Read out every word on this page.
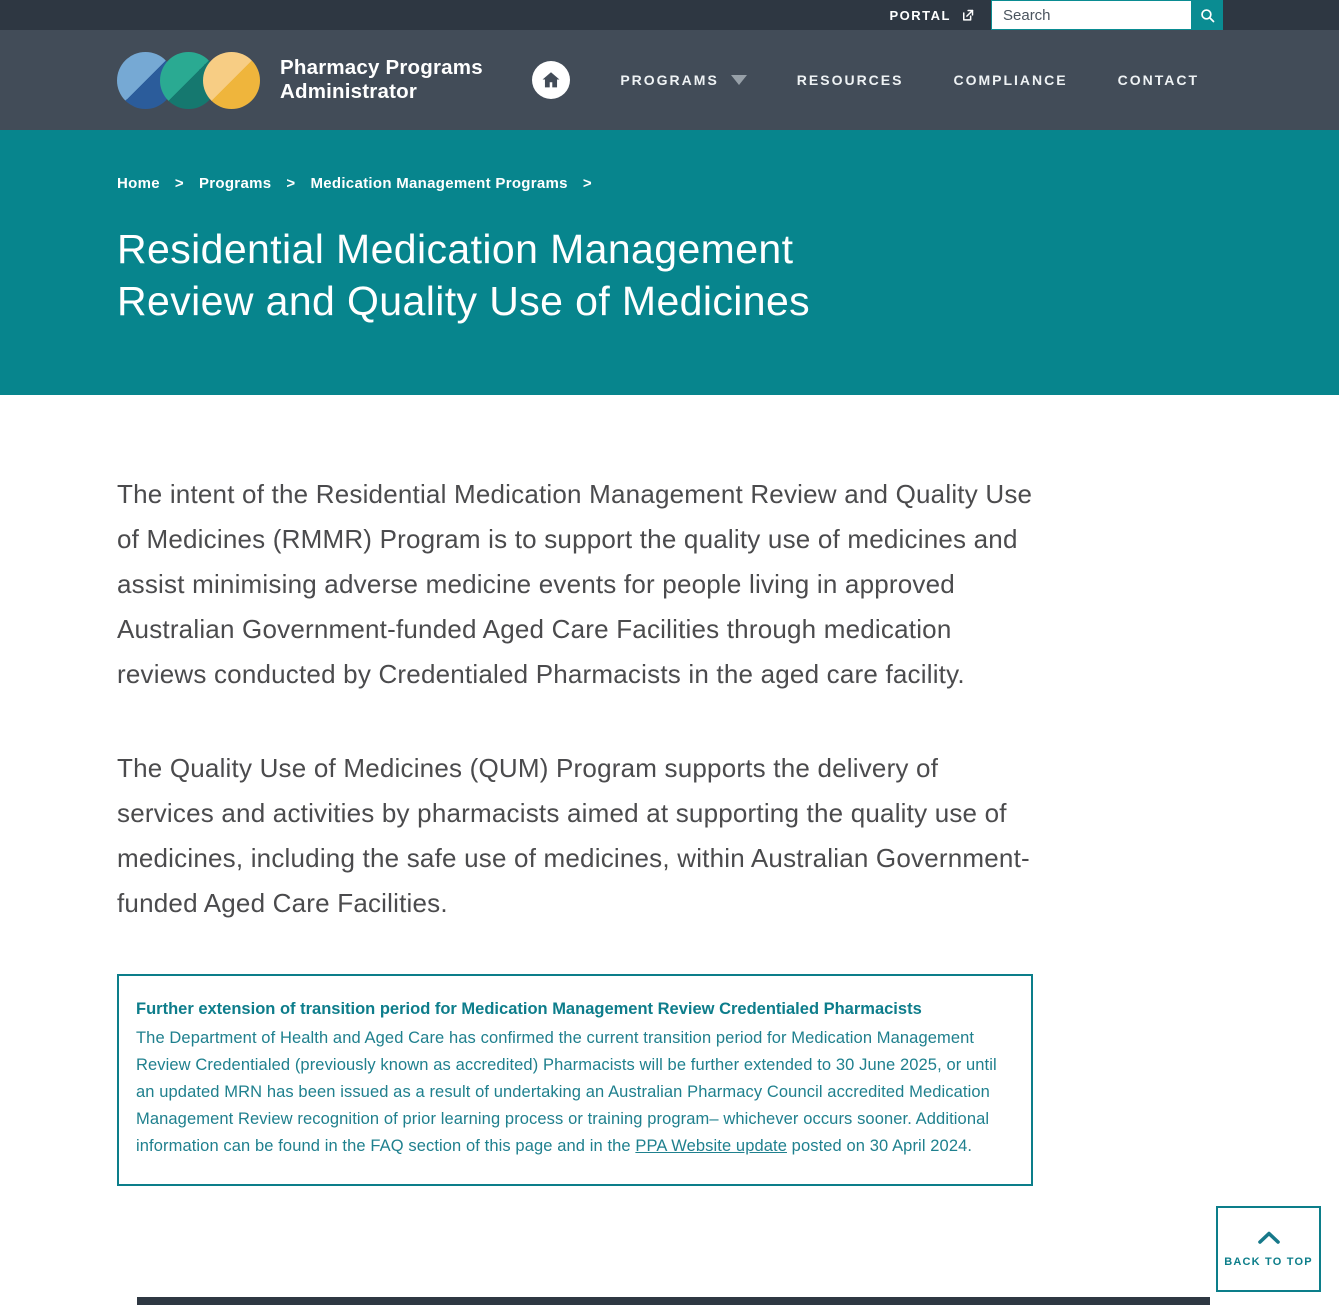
PORTAL
Search
Pharmacy Programs
Administrator	PROGRAMS	RESOURCES	COMPLIANCE	CONTACT
Home > Programs > Medication Management Programs >
Residential Medication Management
Review and Quality Use of Medicines

The intent of the Residential Medication Management Review and Quality Use of Medicines (RMMR) Program is to support the quality use of medicines and assist minimising adverse medicine events for people living in approved Australian Government-funded Aged Care Facilities through medication reviews conducted by Credentialed Pharmacists in the aged care facility.

The Quality Use of Medicines (QUM) Program supports the delivery of services and activities by pharmacists aimed at supporting the quality use of medicines, including the safe use of medicines, within Australian Government-funded Aged Care Facilities.

Further extension of transition period for Medication Management Review Credentialed Pharmacists
The Department of Health and Aged Care has confirmed the current transition period for Medication Management Review Credentialed (previously known as accredited) Pharmacists will be further extended to 30 June 2025, or until an updated MRN has been issued as a result of undertaking an Australian Pharmacy Council accredited Medication Management Review recognition of prior learning process or training program– whichever occurs sooner. Additional information can be found in the FAQ section of this page and in the PPA Website update posted on 30 April 2024.
BACK TO TOP
